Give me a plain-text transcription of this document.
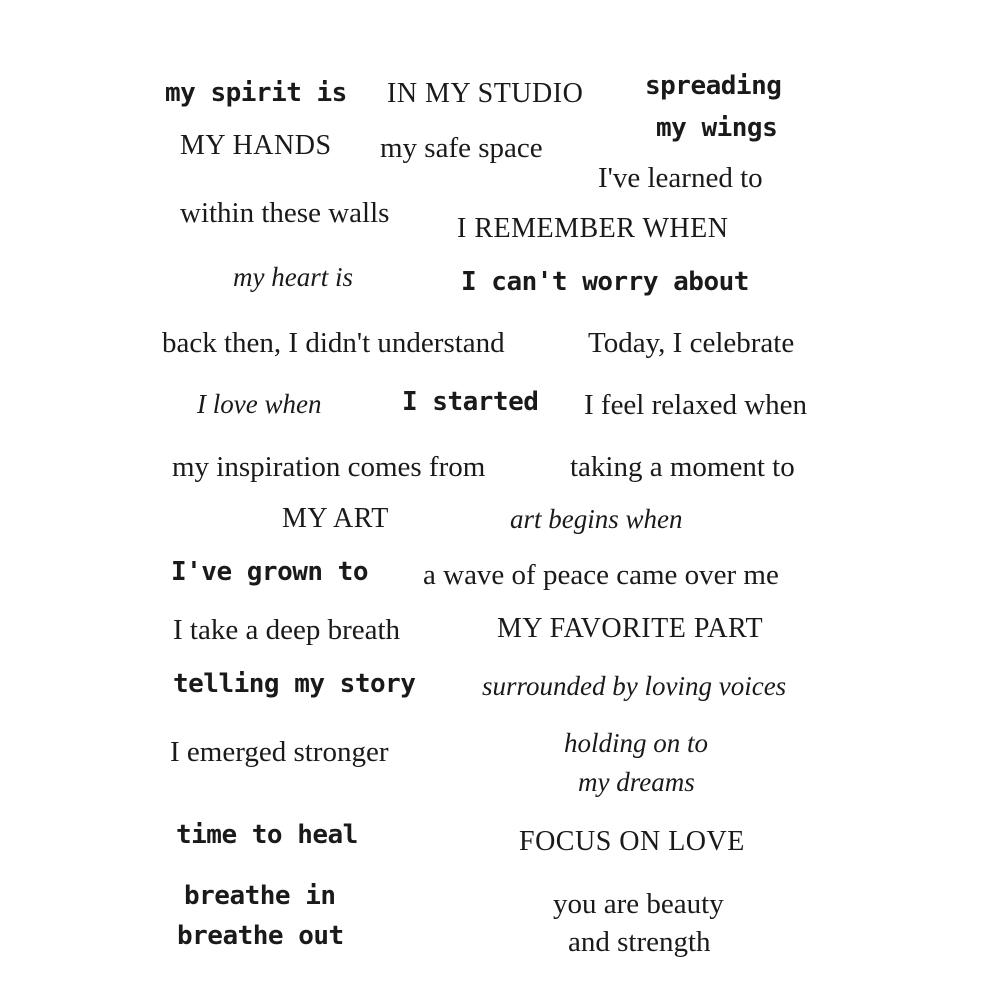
my spirit is IN MY STUDIO spreading
my wings
MY HANDS my safe space
I've learned to
within these walls I REMEMBER WHEN
my heart is	I can't worry about
back then, I didn't understand	Today, I celebrate
I love when	I started I feel relaxed when
my inspiration comes from	taking a moment to
MY ART	art begins when
I've grown to a wave of peace came over me
I take a deep breath	MY FAVORITE PART
telling my story surrounded by loving voices
I emerged stronger	holding on to
my dreams
time to heal	FOCUS ON LOVE
breathe in
breathe out
you are beauty
and strength
